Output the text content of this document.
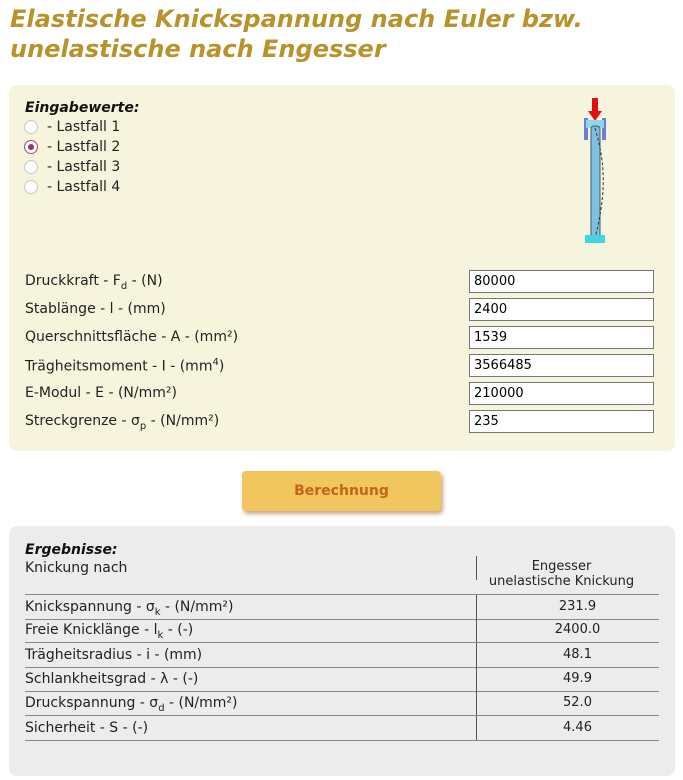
Elastische Knickspannung nach Euler bzw.
unelastische nach Engesser
Eingabewerte:
- Lastfall 1
- Lastfall 2
- Lastfall 3
- Lastfall 4
Druckkraft - $F_d - (N)$
80000
Stablänge - l - (mm)
2400
Querschnittsfläche - A - (mm²)
1539
Trägheitsmoment - I - $(mm^4)$
3566485
E-Modul - E - (N/mm²)
210000
Streckgrenze - $\sigma_p - (N/mm^2)$
235
Berechnung
Ergebnisse:
Knickung nach	Engesser
unelastische Knickung
Knickspannung - $\sigma_k - (N/mm^2)$	231.9
Freie Knicklänge - $l_k$ - (-)	2400.0
Trägheitsradius - i - (mm)	48.1
Schlankheitsgrad - λ - (-)	49.9
Druckspannung - $\sigma_d - (N/mm^2)$	52.0
Sicherheit - S - (-)	4.46
